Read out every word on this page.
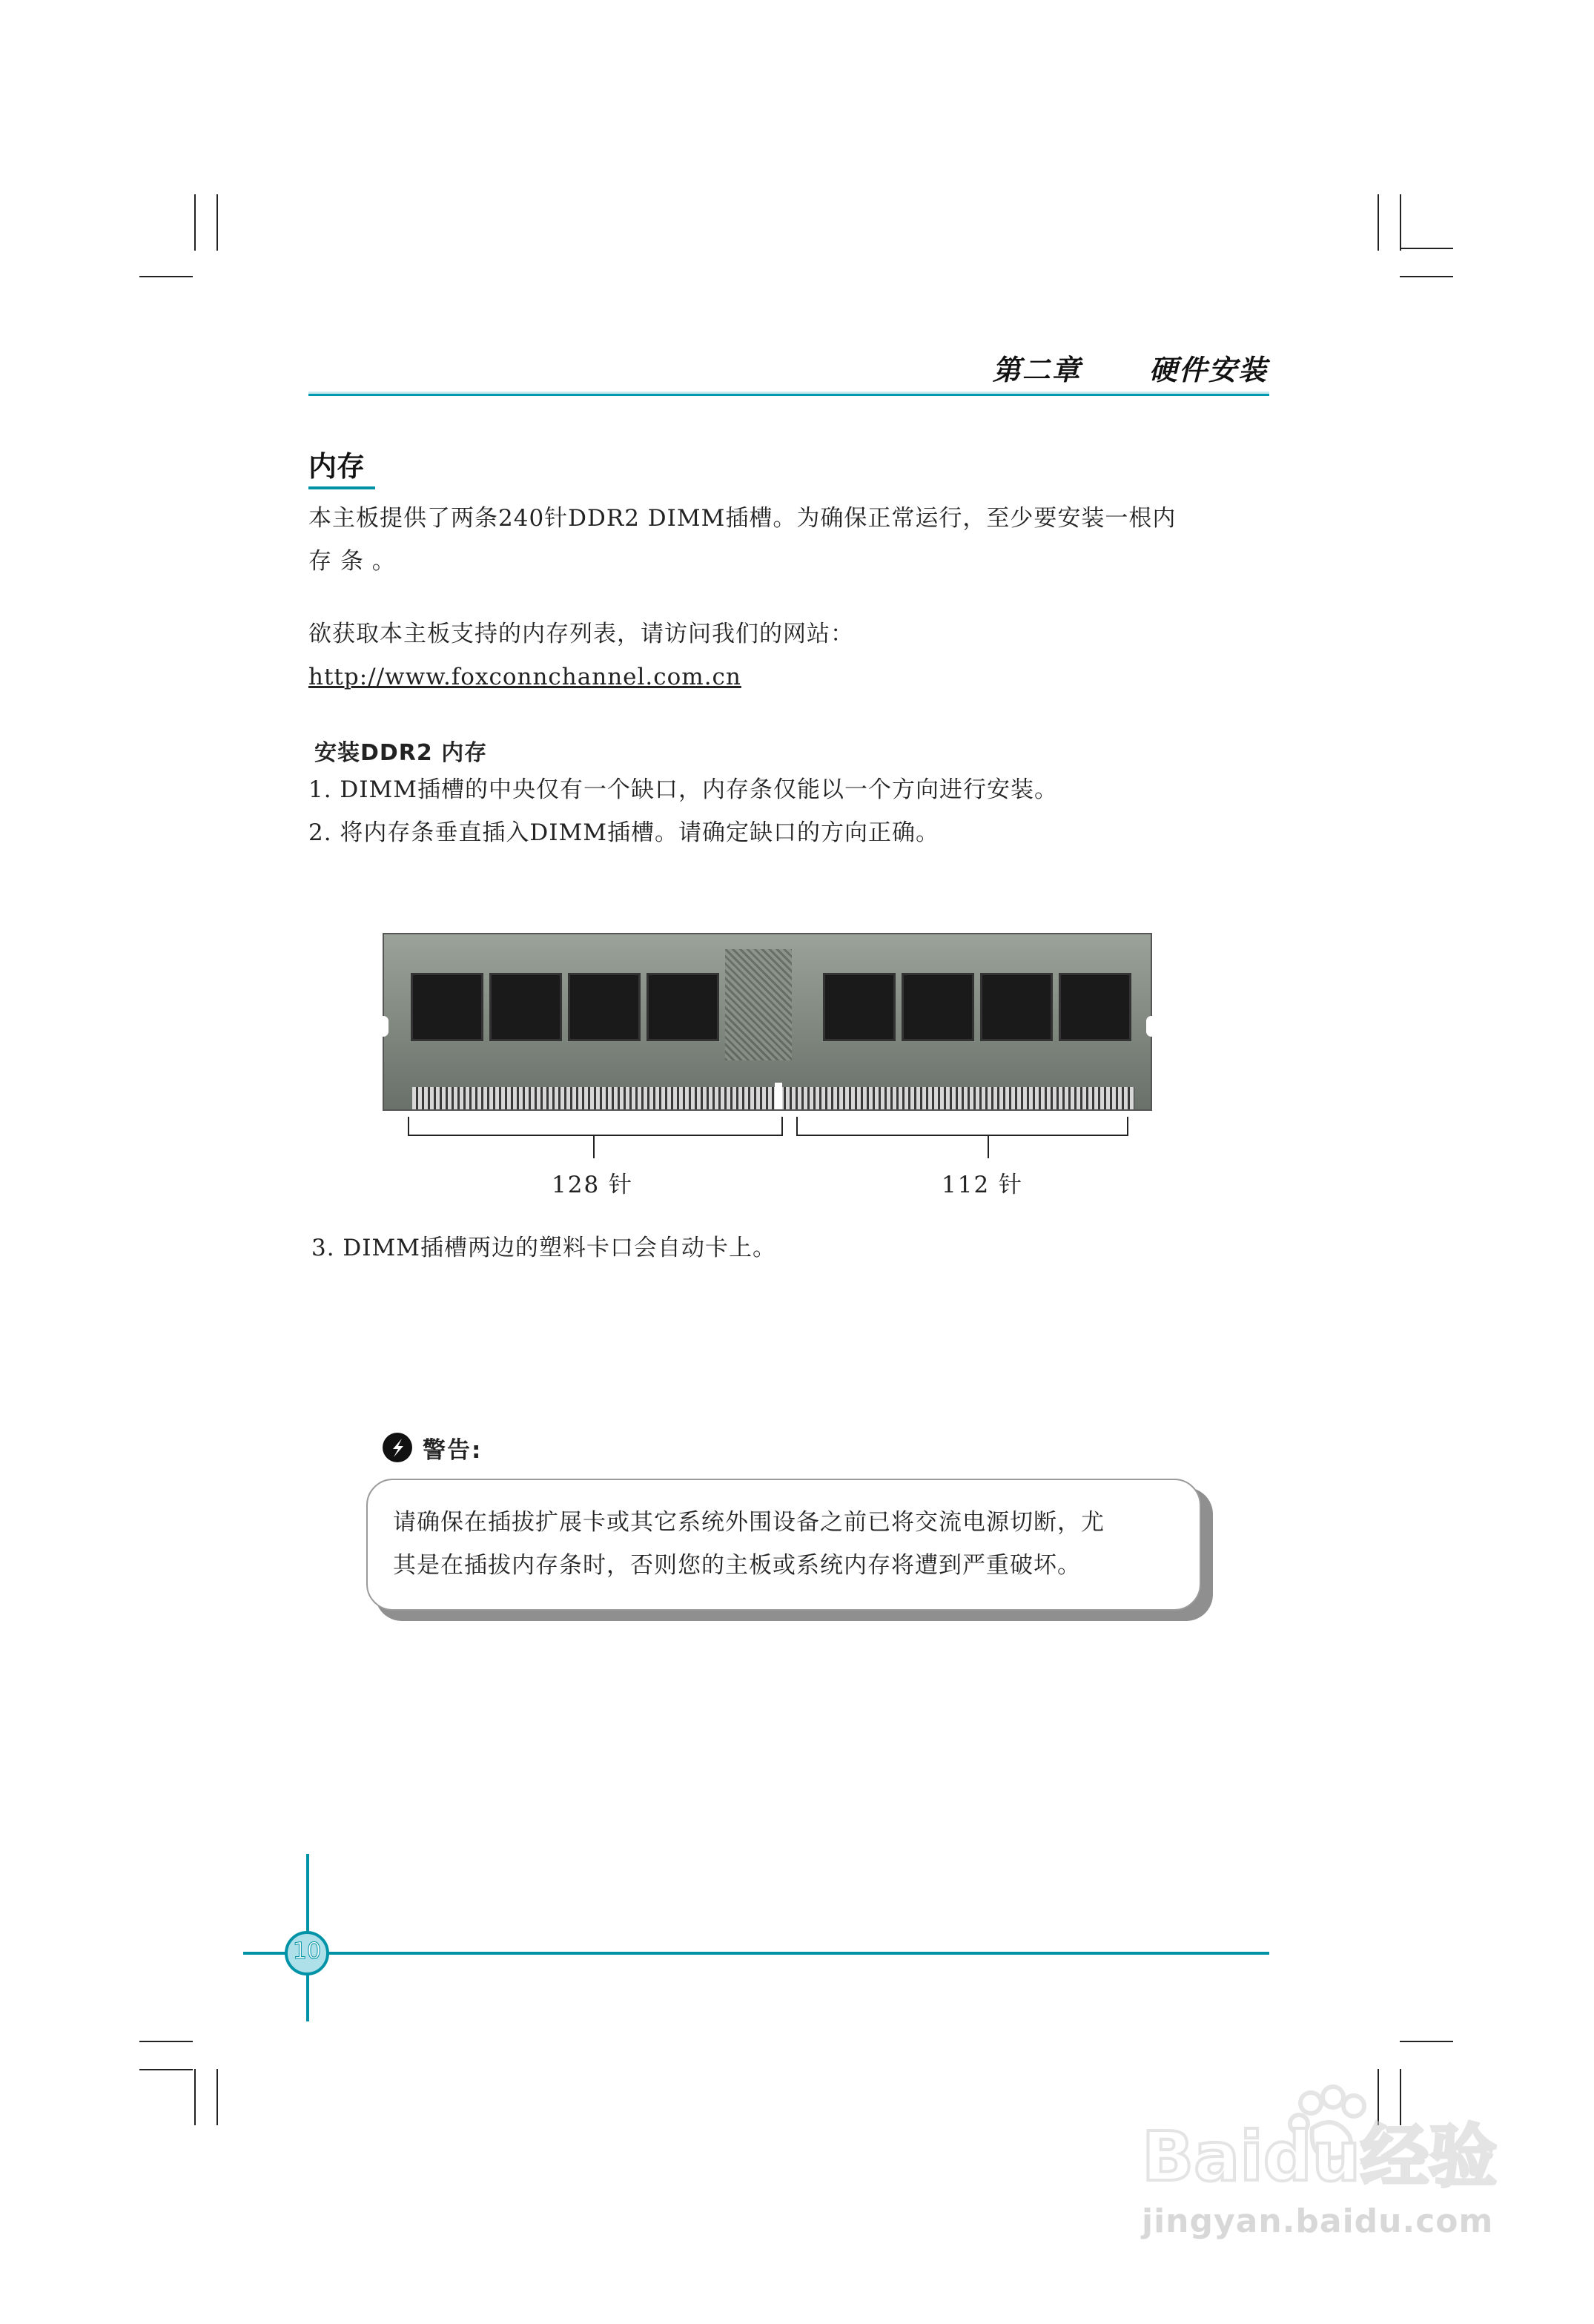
第二章 硬件安装
内存
本主板提供了两条240针DDR2 DIMM插槽。为确保正常运行，至少要安装一根内
存 条 。
欲获取本主板支持的内存列表，请访问我们的网站：
http://www.foxconnchannel.com.cn
安装DDR2 内存
1. DIMM插槽的中央仅有一个缺口，内存条仅能以一个方向进行安装。
2. 将内存条垂直插入DIMM插槽。请确定缺口的方向正确。
128 针	112 针
3. DIMM插槽两边的塑料卡口会自动卡上。
警告:
请确保在插拔扩展卡或其它系统外围设备之前已将交流电源切断，尤
其是在插拔内存条时，否则您的主板或系统内存将遭到严重破坏。
10
Baidu经验
jingyan.baidu.com
